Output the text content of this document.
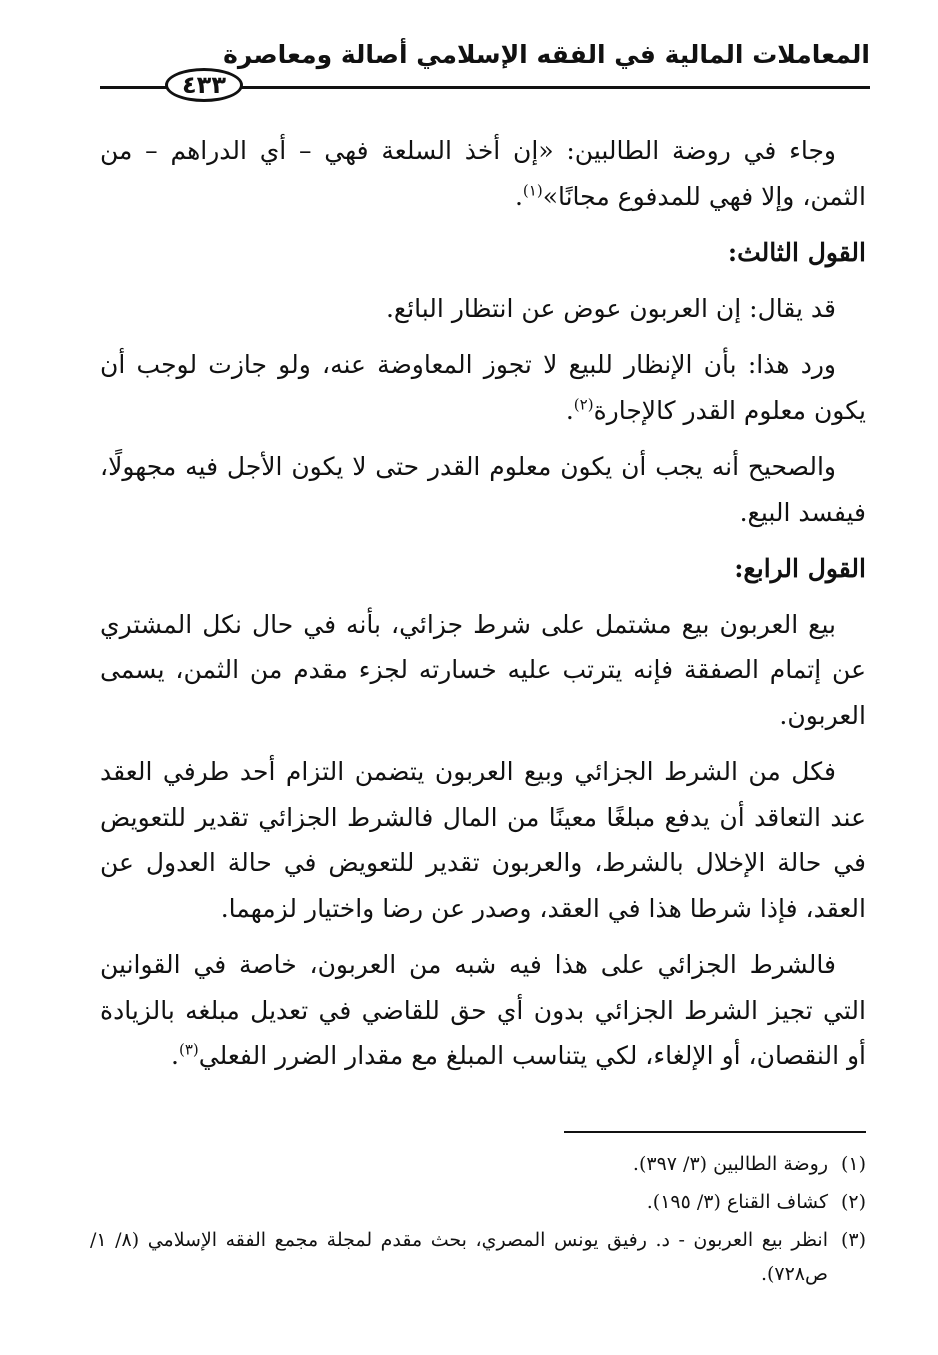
المعاملات المالية في الفقه الإسلامي أصالة ومعاصرة
٤٣٣

وجاء في روضة الطالبين: «إن أخذ السلعة فهي – أي الدراهم – من الثمن، وإلا فهي للمدفوع مجانًا»$^{(١)}$.

القول الثالث:

قد يقال: إن العربون عوض عن انتظار البائع.

ورد هذا: بأن الإنظار للبيع لا تجوز المعاوضة عنه، ولو جازت لوجب أن يكون معلوم القدر كالإجارة$^{(٢)}$.

والصحيح أنه يجب أن يكون معلوم القدر حتى لا يكون الأجل فيه مجهولًا، فيفسد البيع.

القول الرابع:

بيع العربون بيع مشتمل على شرط جزائي، بأنه في حال نكل المشتري عن إتمام الصفقة فإنه يترتب عليه خسارته لجزء مقدم من الثمن، يسمى العربون.

فكل من الشرط الجزائي وبيع العربون يتضمن التزام أحد طرفي العقد عند التعاقد أن يدفع مبلغًا معينًا من المال فالشرط الجزائي تقدير للتعويض في حالة الإخلال بالشرط، والعربون تقدير للتعويض في حالة العدول عن العقد، فإذا شرطا هذا في العقد، وصدر عن رضا واختيار لزمهما.

فالشرط الجزائي على هذا فيه شبه من العربون، خاصة في القوانين التي تجيز الشرط الجزائي بدون أي حق للقاضي في تعديل مبلغه بالزيادة أو النقصان، أو الإلغاء، لكي يتناسب المبلغ مع مقدار الضرر الفعلي$^{(٣)}$.

(١)
روضة الطالبين (٣/ ٣٩٧).
(٢)
كشاف القناع (٣/ ١٩٥).
(٣)
انظر بيع العربون - د. رفيق يونس المصري، بحث مقدم لمجلة مجمع الفقه الإسلامي (٨/ ١/ ص٧٢٨).
